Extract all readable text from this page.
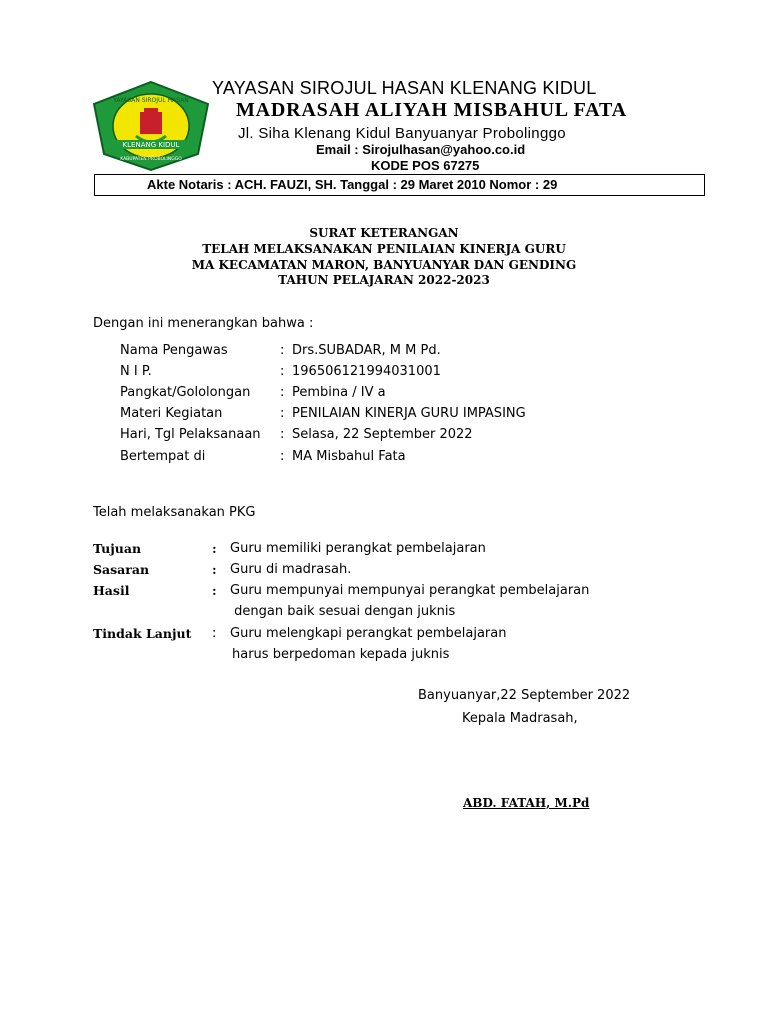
YAYASAN SIROJUL HASAN
KLENANG KIDUL
KABUPATEN PROBOLINGGO
YAYASAN SIROJUL HASAN KLENANG KIDUL
MADRASAH ALIYAH MISBAHUL FATA
Jl. Siha Klenang Kidul Banyuanyar Probolinggo
Email : Sirojulhasan@yahoo.co.id
KODE POS 67275
Akte Notaris : ACH. FAUZI, SH. Tanggal : 29 Maret 2010 Nomor : 29
SURAT KETERANGAN
TELAH MELAKSANAKAN PENILAIAN KINERJA GURU
MA KECAMATAN MARON, BANYUANYAR DAN GENDING
TAHUN PELAJARAN 2022-2023
Dengan ini menerangkan bahwa :
Nama Pengawas	: Drs.SUBADAR, M M Pd.
N I P.	: 196506121994031001
Pangkat/Gololongan : Pembina / IV a
Materi Kegiatan	: PENILAIAN KINERJA GURU IMPASING
Hari, Tgl Pelaksanaan : Selasa, 22 September 2022
Bertempat di	: MA Misbahul Fata
Telah melaksanakan PKG
Tujuan	: Guru memiliki perangkat pembelajaran
Sasaran	: Guru di madrasah.
Hasil	: Guru mempunyai mempunyai perangkat pembelajaran
dengan baik sesuai dengan juknis
Tindak Lanjut : Guru melengkapi perangkat pembelajaran
harus berpedoman kepada juknis
Banyuanyar,22 September 2022
Kepala Madrasah,
ABD. FATAH, M.Pd
